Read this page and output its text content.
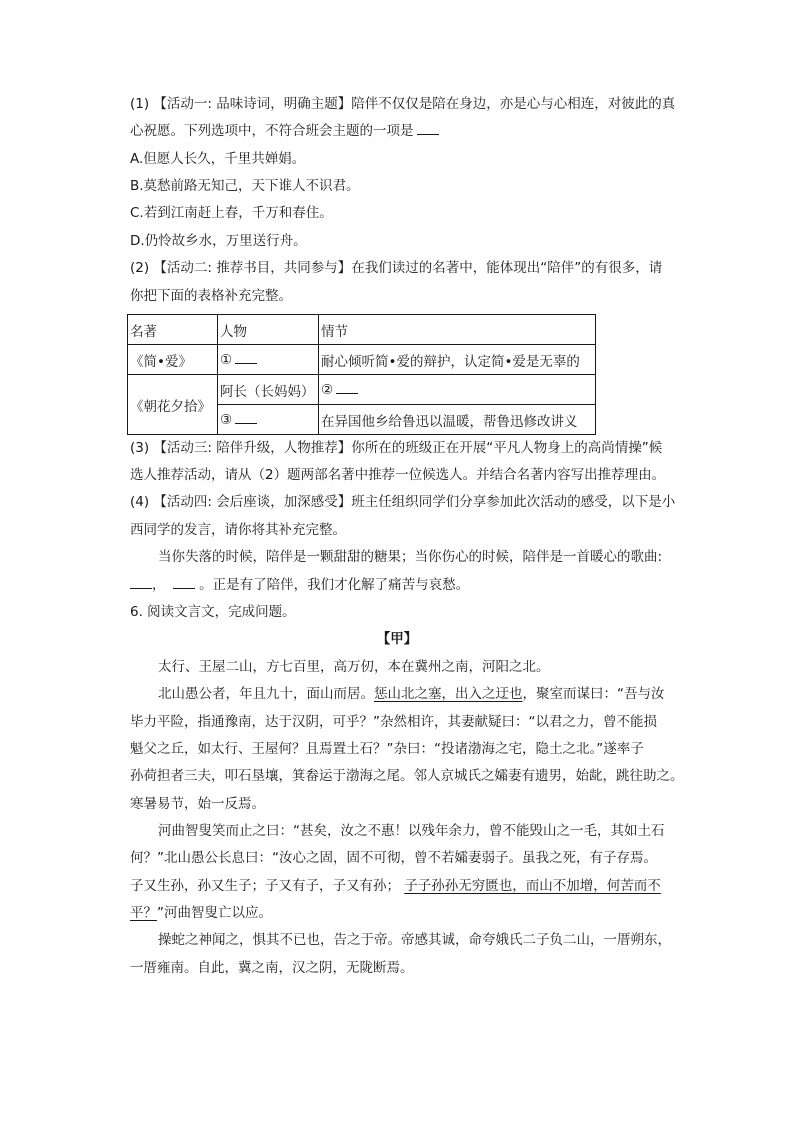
(1) 【活动一: 品味诗词，明确主题】陪伴不仅仅是陪在身边，亦是心与心相连，对彼此的真
心祝愿。下列选项中，不符合班会主题的一项是
A.但愿人长久，千里共婵娟。
B.莫愁前路无知己，天下谁人不识君。
C.若到江南赶上春，千万和春住。
D.仍怜故乡水，万里送行舟。
(2) 【活动二: 推荐书目，共同参与】在我们读过的名著中，能体现出“陪伴”的有很多，请
你把下面的表格补充完整。
名著	人物	情节
《简•爱》	①	耐心倾听简•爱的辩护，认定简•爱是无辜的
《朝花夕拾》	阿长（长妈妈）	②
	③	在异国他乡给鲁迅以温暖，帮鲁迅修改讲义
(3) 【活动三: 陪伴升级，人物推荐】你所在的班级正在开展“平凡人物身上的高尚情操”候
选人推荐活动，请从（2）题两部名著中推荐一位候选人。并结合名著内容写出推荐理由。
(4) 【活动四: 会后座谈，加深感受】班主任组织同学们分享参加此次活动的感受，以下是小
西同学的发言，请你将其补充完整。
当你失落的时候，陪伴是一颗甜甜的糖果；当你伤心的时候，陪伴是一首暖心的歌曲:
， 。正是有了陪伴，我们才化解了痛苦与哀愁。
6. 阅读文言文，完成问题。
【甲】
太行、王屋二山，方七百里，高万仞，本在冀州之南，河阳之北。
北山愚公者，年且九十，面山而居。惩山北之塞，出入之迂也，聚室而谋曰：“吾与汝
毕力平险，指通豫南，达于汉阴，可乎？”杂然相许，其妻献疑曰：“以君之力，曾不能损
魁父之丘，如太行、王屋何？且焉置土石？”杂曰：“投诸渤海之宅，隐土之北。”遂率子
孙荷担者三夫，叩石垦壤，箕畚运于渤海之尾。邻人京城氏之孀妻有遗男，始龀，跳往助之。
寒暑易节，始一反焉。
河曲智叟笑而止之曰：“甚矣，汝之不惠！以残年余力，曾不能毁山之一毛，其如土石
何？”北山愚公长息曰：“汝心之固，固不可彻，曾不若孀妻弱子。虽我之死，有子存焉。
子又生孙，孙又生子；子又有子，子又有孙； 子子孙孙无穷匮也，而山不加增，何苦而不
平？”河曲智叟亡以应。
操蛇之神闻之，惧其不已也，告之于帝。帝感其诚，命夸娥氏二子负二山，一厝朔东，
一厝雍南。自此，冀之南，汉之阴，无陇断焉。
